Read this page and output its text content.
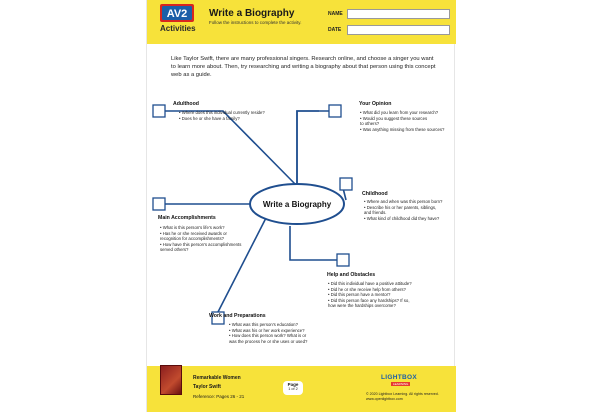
AV2
Activities
Write a Biography
Follow the instructions to complete the activity.
NAME
DATE
Like Taylor Swift, there are many professional singers. Research online, and choose a singer you want to learn more about. Then, try researching and writing a biography about that person using this concept web as a guide.
Write a Biography
Adulthood
• Where does this individual currently reside?
• Does he or she have a family?
Your Opinion
• What did you learn from your research?
• Would you suggest these sources
to others?
• Was anything missing from these sources?
Childhood
• Where and when was this person born?
• Describe his or her parents, siblings,
and friends.
• What kind of childhood did they have?
Main Accomplishments
• What is this person's life's work?
• Has he or she received awards or
recognition for accomplishments?
• How have this person's accomplishments
served others?
Help and Obstacles
• Did this individual have a positive attitude?
• Did he or she receive help from others?
• Did this person have a mentor?
• Did this person face any hardships? If so,
how were the hardships overcome?
Work and Preparations
• What was this person's education?
• What was his or her work experience?
• How does this person work? What is or
was the process he or she uses or used?
Remarkable Women
Taylor Swift
Reference: Pages 26 - 21
Page
1 of 2
LIGHTBOX
LEARNING
© 2020 Lightbox Learning. All rights reserved.
www.openlightbox.com
